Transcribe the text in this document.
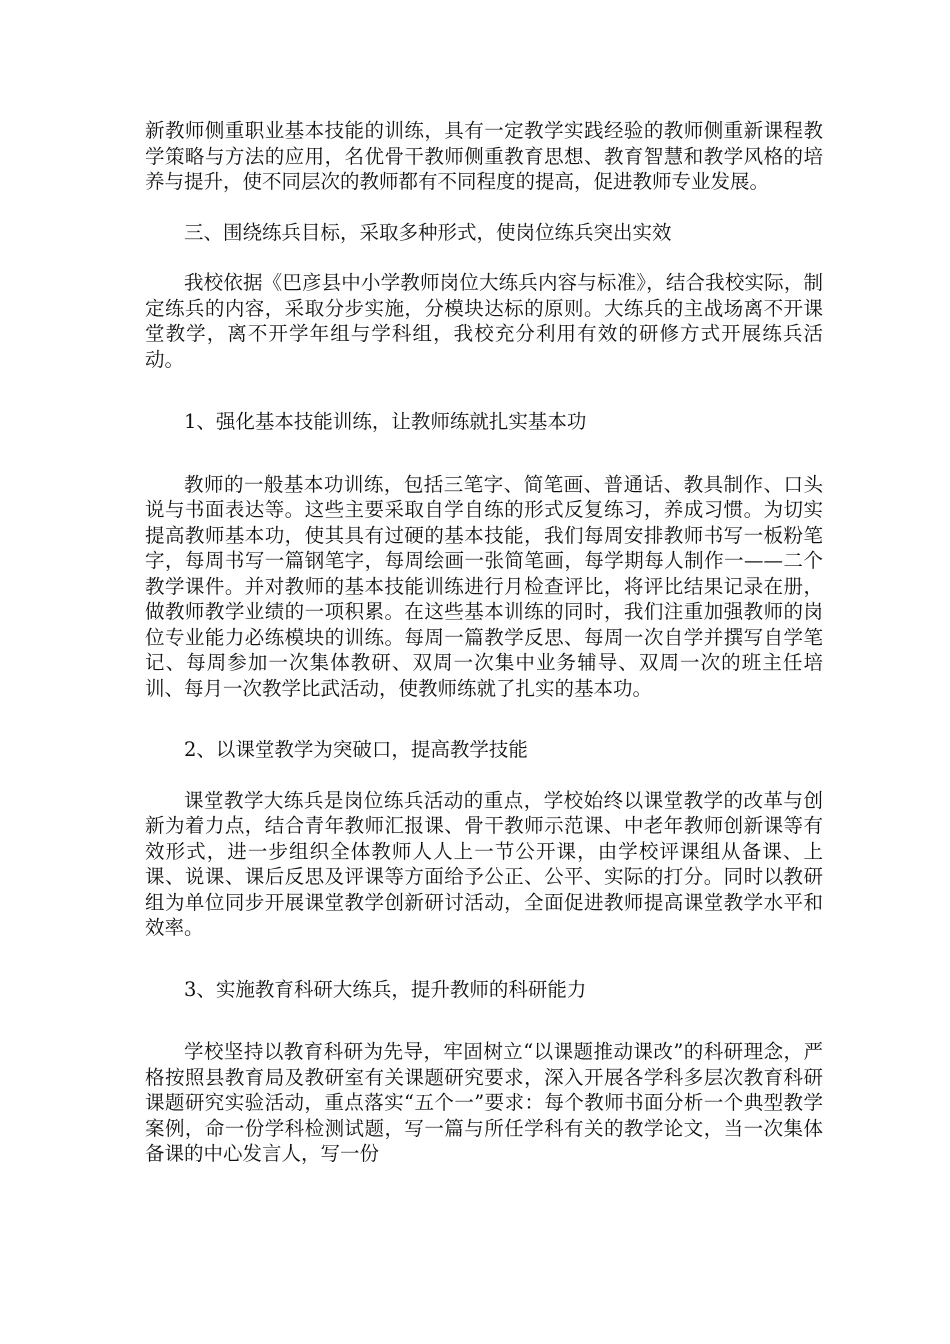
新教师侧重职业基本技能的训练，具有一定教学实践经验的教师侧重新课程教学策略与方法的应用，名优骨干教师侧重教育思想、教育智慧和教学风格的培养与提升，使不同层次的教师都有不同程度的提高，促进教师专业发展。

三、围绕练兵目标，采取多种形式，使岗位练兵突出实效

我校依据《巴彦县中小学教师岗位大练兵内容与标准》，结合我校实际，制定练兵的内容，采取分步实施，分模块达标的原则。大练兵的主战场离不开课堂教学，离不开学年组与学科组，我校充分利用有效的研修方式开展练兵活动。

1、强化基本技能训练，让教师练就扎实基本功

教师的一般基本功训练，包括三笔字、简笔画、普通话、教具制作、口头说与书面表达等。这些主要采取自学自练的形式反复练习，养成习惯。为切实提高教师基本功，使其具有过硬的基本技能，我们每周安排教师书写一板粉笔字，每周书写一篇钢笔字，每周绘画一张简笔画，每学期每人制作一——二个教学课件。并对教师的基本技能训练进行月检查评比，将评比结果记录在册，做教师教学业绩的一项积累。在这些基本训练的同时，我们注重加强教师的岗位专业能力必练模块的训练。每周一篇教学反思、每周一次自学并撰写自学笔记、每周参加一次集体教研、双周一次集中业务辅导、双周一次的班主任培训、每月一次教学比武活动，使教师练就了扎实的基本功。

2、以课堂教学为突破口，提高教学技能

课堂教学大练兵是岗位练兵活动的重点，学校始终以课堂教学的改革与创新为着力点，结合青年教师汇报课、骨干教师示范课、中老年教师创新课等有效形式，进一步组织全体教师人人上一节公开课，由学校评课组从备课、上课、说课、课后反思及评课等方面给予公正、公平、实际的打分。同时以教研组为单位同步开展课堂教学创新研讨活动，全面促进教师提高课堂教学水平和效率。

3、实施教育科研大练兵，提升教师的科研能力

学校坚持以教育科研为先导，牢固树立“以课题推动课改”的科研理念，严格按照县教育局及教研室有关课题研究要求，深入开展各学科多层次教育科研课题研究实验活动，重点落实“五个一”要求：每个教师书面分析一个典型教学案例，命一份学科检测试题，写一篇与所任学科有关的教学论文，当一次集体备课的中心发言人，写一份
